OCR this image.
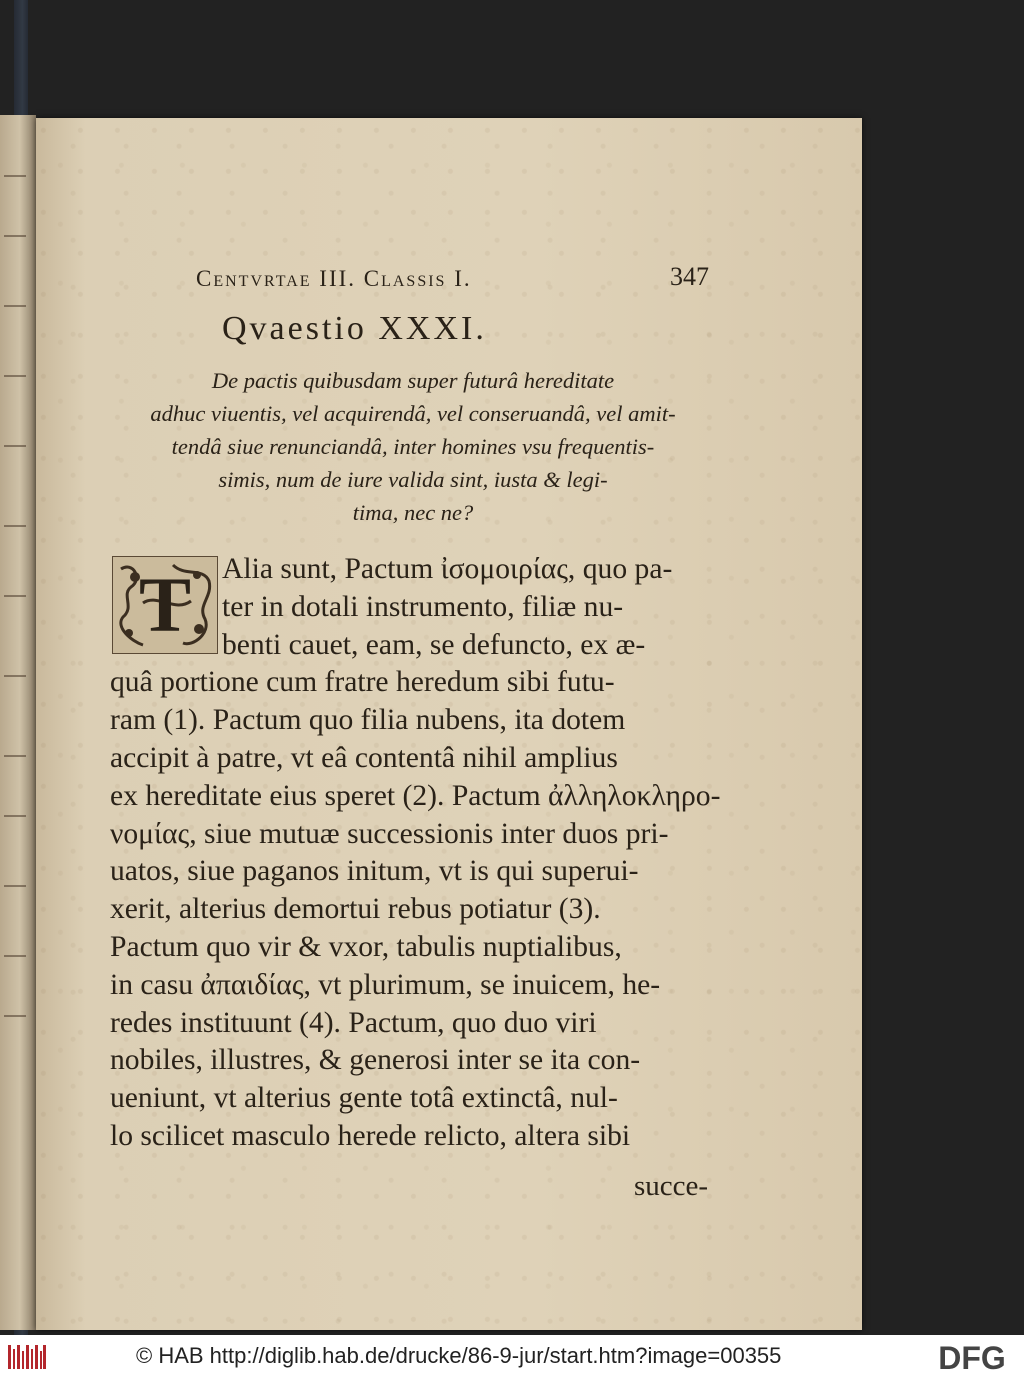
Centvrtae III. Classis I.	347
Qvaestio XXXI.
De pactis quibusdam super futurâ hereditate
adhuc viuentis, vel acquirendâ, vel conseruandâ, vel amit-
tendâ siue renunciandâ, inter homines vsu frequentis-
simis, num de iure valida sint, iusta & legi-
tima, nec ne?
T	Alia sunt, Pactum ἰσομοιρίας, quo pa-
ter in dotali instrumento, filiæ nu-
benti cauet, eam, se defuncto, ex æ-
quâ portione cum fratre heredum sibi futu-
ram (1). Pactum quo filia nubens, ita dotem
accipit à patre, vt eâ contentâ nihil amplius
ex hereditate eius speret (2). Pactum ἀλληλοκληρο-
νομίας, siue mutuæ successionis inter duos pri-
uatos, siue paganos initum, vt is qui superui-
xerit, alterius demortui rebus potiatur (3).
Pactum quo vir & vxor, tabulis nuptialibus,
in casu ἀπαιδίας, vt plurimum, se inuicem, he-
redes instituunt (4). Pactum, quo duo viri
nobiles, illustres, & generosi inter se ita con-
ueniunt, vt alterius gente totâ extinctâ, nul-
lo scilicet masculo herede relicto, altera sibi
succe-
© HAB http://diglib.hab.de/drucke/86-9-jur/start.htm?image=00355	DFG
